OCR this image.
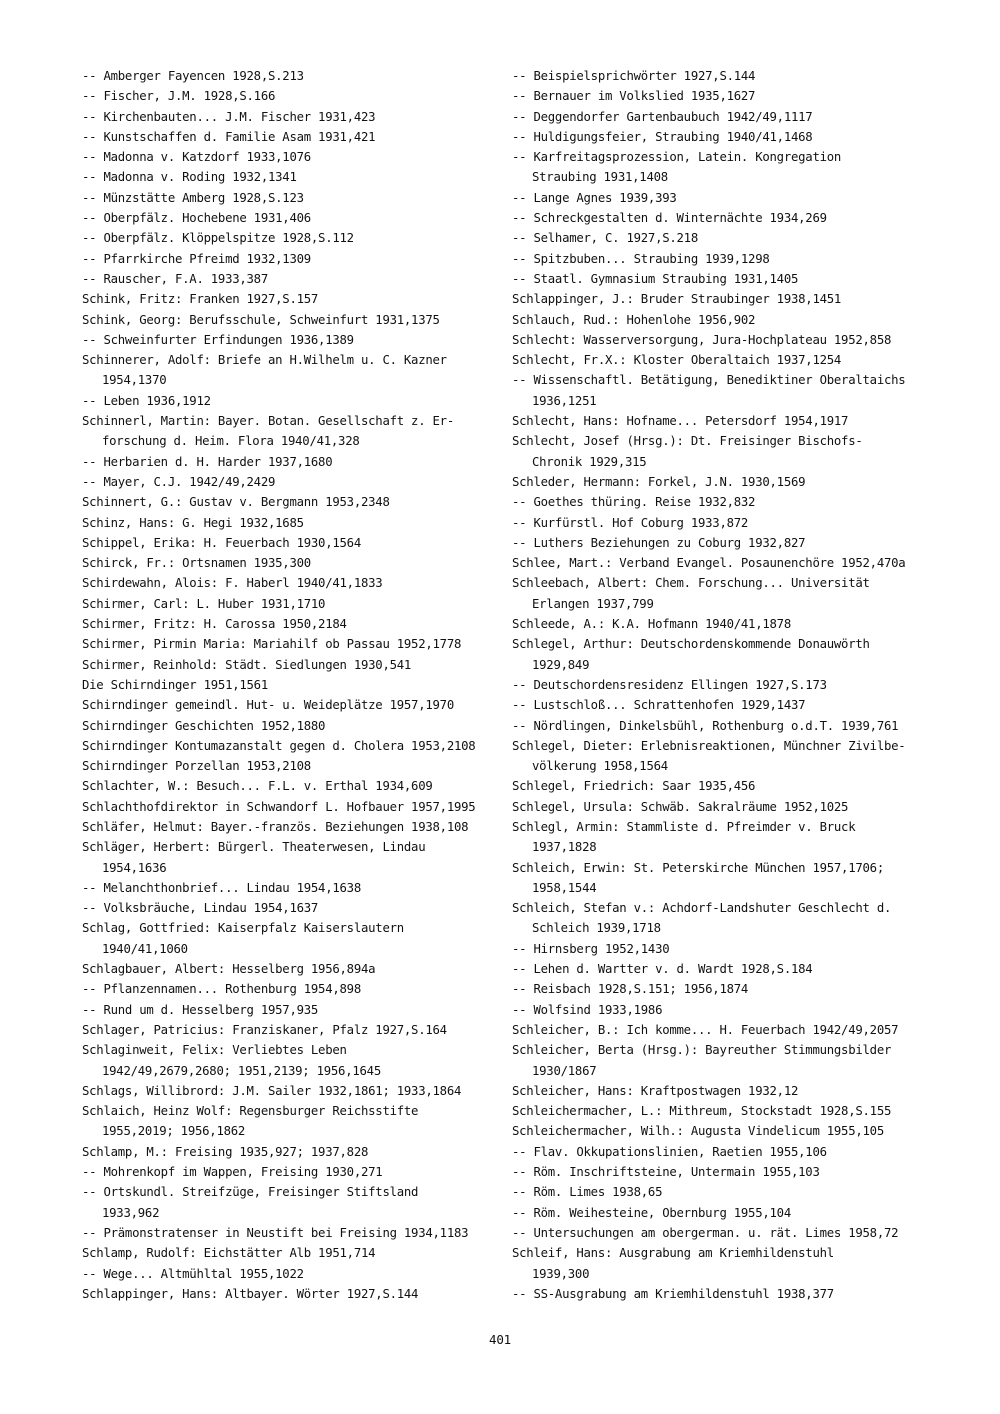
-- Amberger Fayencen 1928,S.213
-- Fischer, J.M. 1928,S.166
-- Kirchenbauten... J.M. Fischer 1931,423
-- Kunstschaffen d. Familie Asam 1931,421
-- Madonna v. Katzdorf 1933,1076
-- Madonna v. Roding 1932,1341
-- Münzstätte Amberg 1928,S.123
-- Oberpfälz. Hochebene 1931,406
-- Oberpfälz. Klöppelspitze 1928,S.112
-- Pfarrkirche Pfreimd 1932,1309
-- Rauscher, F.A. 1933,387
Schink, Fritz: Franken 1927,S.157
Schink, Georg: Berufsschule, Schweinfurt 1931,1375
-- Schweinfurter Erfindungen 1936,1389
Schinnerer, Adolf: Briefe an H.Wilhelm u. C. Kazner
1954,1370
-- Leben 1936,1912
Schinnerl, Martin: Bayer. Botan. Gesellschaft z. Er-
forschung d. Heim. Flora 1940/41,328
-- Herbarien d. H. Harder 1937,1680
-- Mayer, C.J. 1942/49,2429
Schinnert, G.: Gustav v. Bergmann 1953,2348
Schinz, Hans: G. Hegi 1932,1685
Schippel, Erika: H. Feuerbach 1930,1564
Schirck, Fr.: Ortsnamen 1935,300
Schirdewahn, Alois: F. Haberl 1940/41,1833
Schirmer, Carl: L. Huber 1931,1710
Schirmer, Fritz: H. Carossa 1950,2184
Schirmer, Pirmin Maria: Mariahilf ob Passau 1952,1778
Schirmer, Reinhold: Städt. Siedlungen 1930,541
Die Schirndinger 1951,1561
Schirndinger gemeindl. Hut- u. Weideplätze 1957,1970
Schirndinger Geschichten 1952,1880
Schirndinger Kontumazanstalt gegen d. Cholera 1953,2108
Schirndinger Porzellan 1953,2108
Schlachter, W.: Besuch... F.L. v. Erthal 1934,609
Schlachthofdirektor in Schwandorf L. Hofbauer 1957,1995
Schläfer, Helmut: Bayer.-französ. Beziehungen 1938,108
Schläger, Herbert: Bürgerl. Theaterwesen, Lindau
1954,1636
-- Melanchthonbrief... Lindau 1954,1638
-- Volksbräuche, Lindau 1954,1637
Schlag, Gottfried: Kaiserpfalz Kaiserslautern
1940/41,1060
Schlagbauer, Albert: Hesselberg 1956,894a
-- Pflanzennamen... Rothenburg 1954,898
-- Rund um d. Hesselberg 1957,935
Schlager, Patricius: Franziskaner, Pfalz 1927,S.164
Schlaginweit, Felix: Verliebtes Leben
1942/49,2679,2680; 1951,2139; 1956,1645
Schlags, Willibrord: J.M. Sailer 1932,1861; 1933,1864
Schlaich, Heinz Wolf: Regensburger Reichsstifte
1955,2019; 1956,1862
Schlamp, M.: Freising 1935,927; 1937,828
-- Mohrenkopf im Wappen, Freising 1930,271
-- Ortskundl. Streifzüge, Freisinger Stiftsland
1933,962
-- Prämonstratenser in Neustift bei Freising 1934,1183
Schlamp, Rudolf: Eichstätter Alb 1951,714
-- Wege... Altmühltal 1955,1022
Schlappinger, Hans: Altbayer. Wörter 1927,S.144
-- Beispielsprichwörter 1927,S.144
-- Bernauer im Volkslied 1935,1627
-- Deggendorfer Gartenbaubuch 1942/49,1117
-- Huldigungsfeier, Straubing 1940/41,1468
-- Karfreitagsprozession, Latein. Kongregation
Straubing 1931,1408
-- Lange Agnes 1939,393
-- Schreckgestalten d. Winternächte 1934,269
-- Selhamer, C. 1927,S.218
-- Spitzbuben... Straubing 1939,1298
-- Staatl. Gymnasium Straubing 1931,1405
Schlappinger, J.: Bruder Straubinger 1938,1451
Schlauch, Rud.: Hohenlohe 1956,902
Schlecht: Wasserversorgung, Jura-Hochplateau 1952,858
Schlecht, Fr.X.: Kloster Oberaltaich 1937,1254
-- Wissenschaftl. Betätigung, Benediktiner Oberaltaichs
1936,1251
Schlecht, Hans: Hofname... Petersdorf 1954,1917
Schlecht, Josef (Hrsg.): Dt. Freisinger Bischofs-
Chronik 1929,315
Schleder, Hermann: Forkel, J.N. 1930,1569
-- Goethes thüring. Reise 1932,832
-- Kurfürstl. Hof Coburg 1933,872
-- Luthers Beziehungen zu Coburg 1932,827
Schlee, Mart.: Verband Evangel. Posaunenchöre 1952,470a
Schleebach, Albert: Chem. Forschung... Universität
Erlangen 1937,799
Schleede, A.: K.A. Hofmann 1940/41,1878
Schlegel, Arthur: Deutschordenskommende Donauwörth
1929,849
-- Deutschordensresidenz Ellingen 1927,S.173
-- Lustschloß... Schrattenhofen 1929,1437
-- Nördlingen, Dinkelsbühl, Rothenburg o.d.T. 1939,761
Schlegel, Dieter: Erlebnisreaktionen, Münchner Zivilbe-
völkerung 1958,1564
Schlegel, Friedrich: Saar 1935,456
Schlegel, Ursula: Schwäb. Sakralräume 1952,1025
Schlegl, Armin: Stammliste d. Pfreimder v. Bruck
1937,1828
Schleich, Erwin: St. Peterskirche München 1957,1706;
1958,1544
Schleich, Stefan v.: Achdorf-Landshuter Geschlecht d.
Schleich 1939,1718
-- Hirnsberg 1952,1430
-- Lehen d. Wartter v. d. Wardt 1928,S.184
-- Reisbach 1928,S.151; 1956,1874
-- Wolfsind 1933,1986
Schleicher, B.: Ich komme... H. Feuerbach 1942/49,2057
Schleicher, Berta (Hrsg.): Bayreuther Stimmungsbilder
1930/1867
Schleicher, Hans: Kraftpostwagen 1932,12
Schleichermacher, L.: Mithreum, Stockstadt 1928,S.155
Schleichermacher, Wilh.: Augusta Vindelicum 1955,105
-- Flav. Okkupationslinien, Raetien 1955,106
-- Röm. Inschriftsteine, Untermain 1955,103
-- Röm. Limes 1938,65
-- Röm. Weihesteine, Obernburg 1955,104
-- Untersuchungen am obergerman. u. rät. Limes 1958,72
Schleif, Hans: Ausgrabung am Kriemhildenstuhl
1939,300
-- SS-Ausgrabung am Kriemhildenstuhl 1938,377
401
